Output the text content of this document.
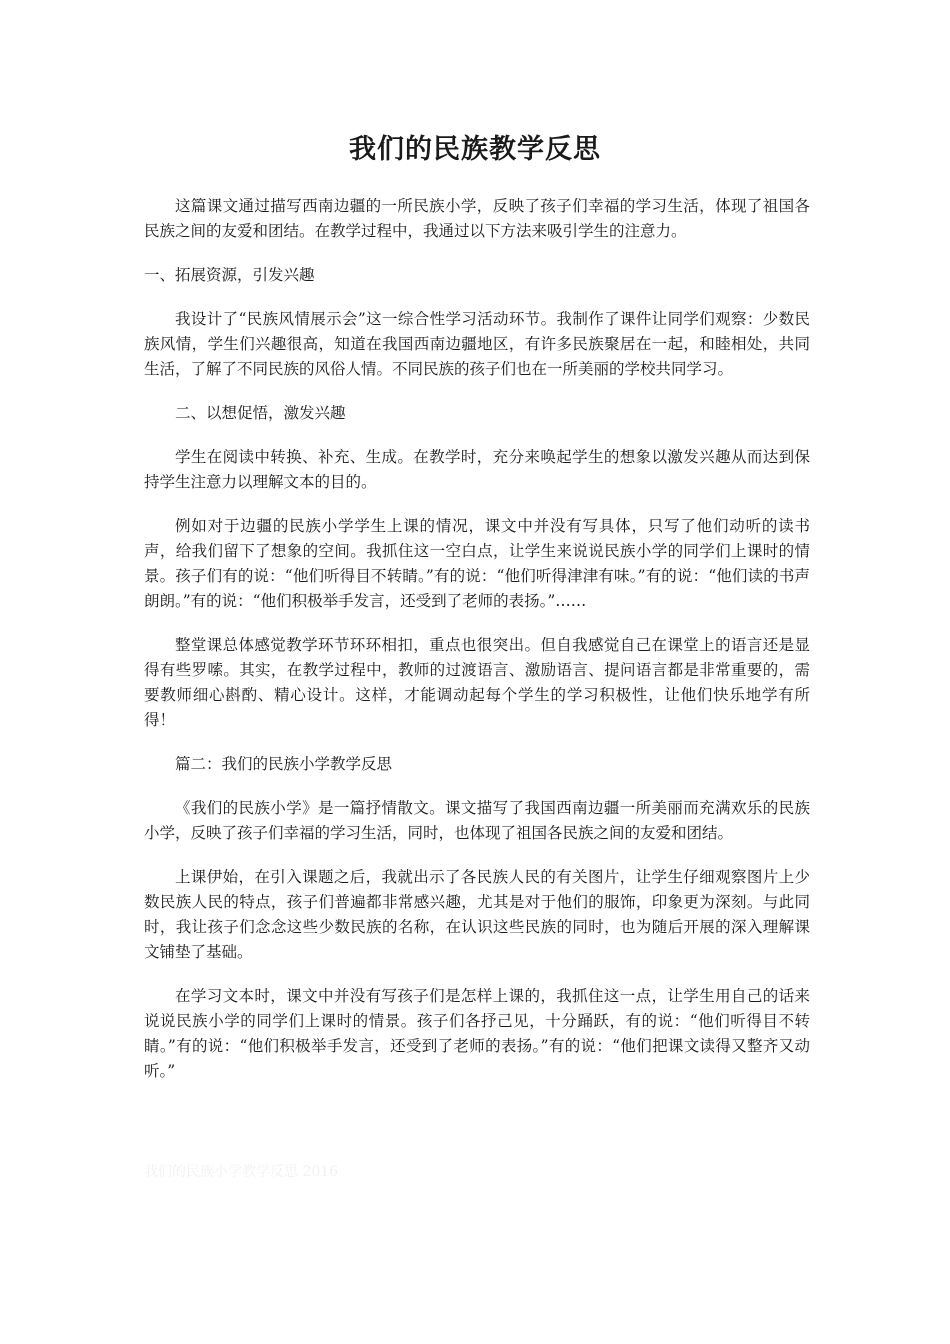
我们的民族教学反思

这篇课文通过描写西南边疆的一所民族小学，反映了孩子们幸福的学习生活，体现了祖国各民族之间的友爱和团结。在教学过程中，我通过以下方法来吸引学生的注意力。

一、拓展资源，引发兴趣

我设计了“民族风情展示会”这一综合性学习活动环节。我制作了课件让同学们观察：少数民族风情，学生们兴趣很高，知道在我国西南边疆地区，有许多民族聚居在一起，和睦相处，共同生活，了解了不同民族的风俗人情。不同民族的孩子们也在一所美丽的学校共同学习。

二、以想促悟，激发兴趣

学生在阅读中转换、补充、生成。在教学时，充分来唤起学生的想象以激发兴趣从而达到保持学生注意力以理解文本的目的。

例如对于边疆的民族小学学生上课的情况，课文中并没有写具体，只写了他们动听的读书声，给我们留下了想象的空间。我抓住这一空白点，让学生来说说民族小学的同学们上课时的情景。孩子们有的说：“他们听得目不转睛。”有的说：“他们听得津津有味。”有的说：“他们读的书声朗朗。”有的说：“他们积极举手发言，还受到了老师的表扬。”……

整堂课总体感觉教学环节环环相扣，重点也很突出。但自我感觉自己在课堂上的语言还是显得有些罗嗦。其实，在教学过程中，教师的过渡语言、激励语言、提问语言都是非常重要的，需要教师细心斟酌、精心设计。这样，才能调动起每个学生的学习积极性，让他们快乐地学有所得！

篇二：我们的民族小学教学反思

《我们的民族小学》是一篇抒情散文。课文描写了我国西南边疆一所美丽而充满欢乐的民族小学，反映了孩子们幸福的学习生活，同时，也体现了祖国各民族之间的友爱和团结。

上课伊始，在引入课题之后，我就出示了各民族人民的有关图片，让学生仔细观察图片上少数民族人民的特点，孩子们普遍都非常感兴趣，尤其是对于他们的服饰，印象更为深刻。与此同时，我让孩子们念念这些少数民族的名称，在认识这些民族的同时，也为随后开展的深入理解课文铺垫了基础。

在学习文本时，课文中并没有写孩子们是怎样上课的，我抓住这一点，让学生用自己的话来说说民族小学的同学们上课时的情景。孩子们各抒己见，十分踊跃，有的说：“他们听得目不转睛。”有的说：“他们积极举手发言，还受到了老师的表扬。”有的说：“他们把课文读得又整齐又动听。”

我们的民族小学教学反思 2016
